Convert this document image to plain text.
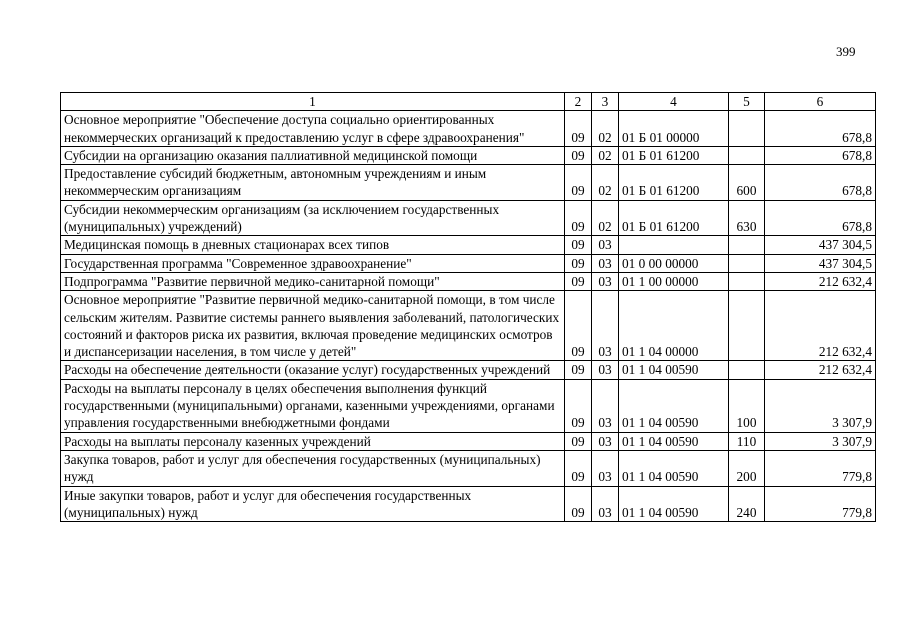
399
1	2	3	4	5	6
Основное мероприятие "Обеспечение доступа социально ориентированных некоммерческих организаций к предоставлению услуг в сфере здравоохранения"	09	02	01 Б 01 00000		678,8
Субсидии на организацию оказания паллиативной медицинской помощи	09	02	01 Б 01 61200		678,8
Предоставление субсидий бюджетным, автономным учреждениям и иным некоммерческим организациям	09	02	01 Б 01 61200	600	678,8
Субсидии некоммерческим организациям (за исключением государственных (муниципальных) учреждений)	09	02	01 Б 01 61200	630	678,8
Медицинская помощь в дневных стационарах всех типов	09	03			437 304,5
Государственная программа "Современное здравоохранение"	09	03	01 0 00 00000		437 304,5
Подпрограмма "Развитие первичной медико-санитарной помощи"	09	03	01 1 00 00000		212 632,4
Основное мероприятие "Развитие первичной медико-санитарной помощи, в том числе сельским жителям. Развитие системы раннего выявления заболеваний, патологических состояний и факторов риска их развития, включая проведение медицинских осмотров и диспансеризации населения, в том числе у детей"	09	03	01 1 04 00000		212 632,4
Расходы на обеспечение деятельности (оказание услуг) государственных учреждений	09	03	01 1 04 00590		212 632,4
Расходы на выплаты персоналу в целях обеспечения выполнения функций государственными (муниципальными) органами, казенными учреждениями, органами управления государственными внебюджетными фондами	09	03	01 1 04 00590	100	3 307,9
Расходы на выплаты персоналу казенных учреждений	09	03	01 1 04 00590	110	3 307,9
Закупка товаров, работ и услуг для обеспечения государственных (муниципальных) нужд	09	03	01 1 04 00590	200	779,8
Иные закупки товаров, работ и услуг для обеспечения государственных (муниципальных) нужд	09	03	01 1 04 00590	240	779,8
